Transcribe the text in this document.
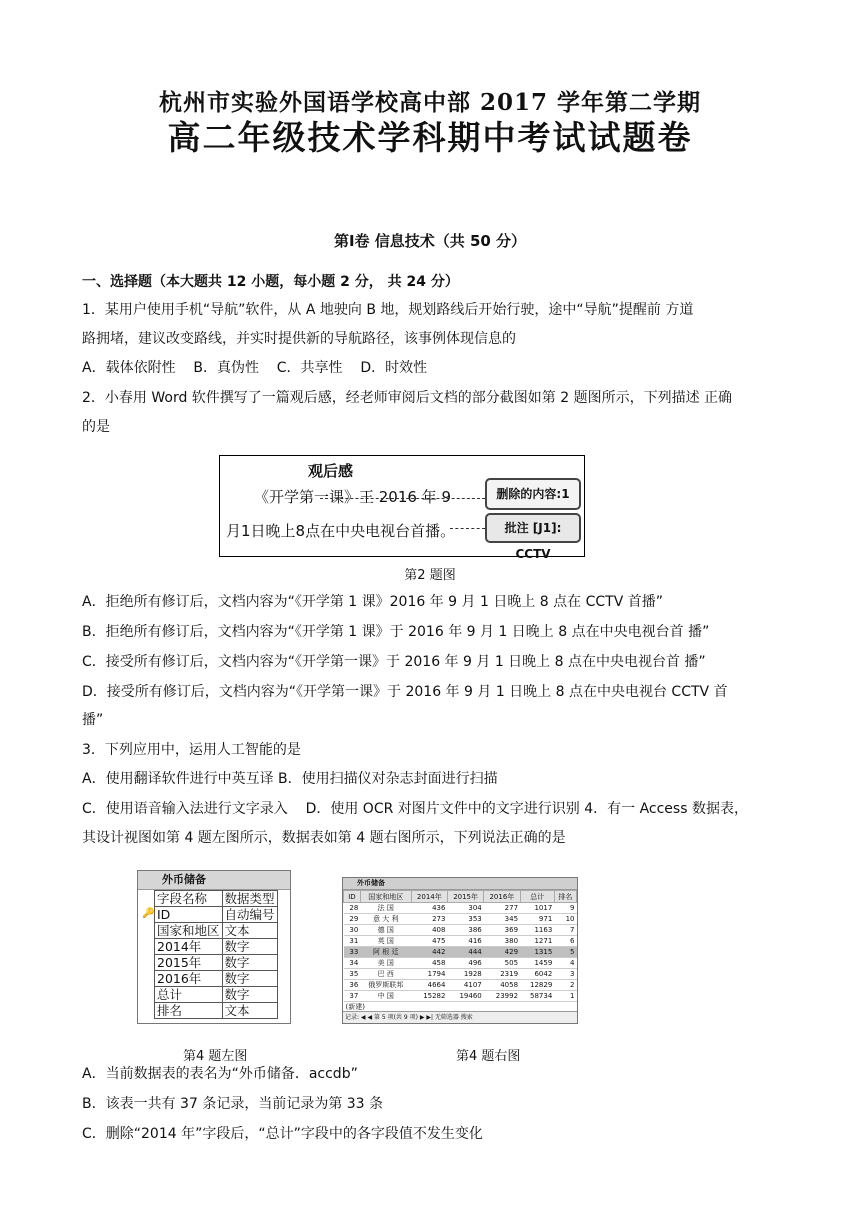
杭州市实验外国语学校高中部 2017 学年第二学期
高二年级技术学科期中考试试题卷
第Ⅰ卷 信息技术（共 50 分）
一、选择题（本大题共 12 小题，每小题 2 分， 共 24 分）
1．某用户使用手机“导航”软件，从 A 地驶向 B 地，规划路线后开始行驶，途中“导航”提醒前 方道
路拥堵，建议改变路线，并实时提供新的导航路径，该事例体现信息的
A．载体依附性    B．真伪性    C．共享性    D．时效性
2．小春用 Word 软件撰写了一篇观后感，经老师审阅后文档的部分截图如第 2 题图所示，下列描述 正确
的是
观后感
《开学第一课》王 2016 年 9
月1日晚上8点在中央电视台首播。
删除的内容:1
批注 [J1]: CCTV
第2 题图
A．拒绝所有修订后，文档内容为“《开学第 1 课》2016 年 9 月 1 日晚上 8 点在 CCTV 首播”
B．拒绝所有修订后，文档内容为“《开学第 1 课》于 2016 年 9 月 1 日晚上 8 点在中央电视台首 播”
C．接受所有修订后，文档内容为“《开学第一课》于 2016 年 9 月 1 日晚上 8 点在中央电视台首 播”
D．接受所有修订后，文档内容为“《开学第一课》于 2016 年 9 月 1 日晚上 8 点在中央电视台 CCTV 首
播”
3．下列应用中，运用人工智能的是
A．使用翻译软件进行中英互译 B．使用扫描仪对杂志封面进行扫描
C．使用语音输入法进行文字录入    D．使用 OCR 对图片文件中的文字进行识别 4．有一 Access 数据表，
其设计视图如第 4 题左图所示，数据表如第 4 题右图所示，下列说法正确的是
外币储备
🔑
字段名称	数据类型
ID	自动编号
国家和地区	文本
2014年	数字
2015年	数字
2016年	数字
总计	数字
排名	文本
外币储备
ID	国家和地区	2014年	2015年	2016年	总计	排名
28	法 国	436	304	277	1017	9
29	意 大 利	273	353	345	971	10
30	德 国	408	386	369	1163	7
31	英 国	475	416	380	1271	6
33	阿 根 廷	442	444	429	1315	5
34	美 国	458	496	505	1459	4
35	巴 西	1794	1928	2319	6042	3
36	俄罗斯联邦	4664	4107	4058	12829	2
37	中 国	15282	19460	23992	58734	1
(新建)						
记录: ◀ ◀ 第 5 项(共 9 项) ▶ ▶| 无筛选器 搜索
第4 题左图	第4 题右图
A．当前数据表的表名为“外币储备．accdb”
B．该表一共有 37 条记录，当前记录为第 33 条
C．删除“2014 年”字段后，“总计”字段中的各字段值不发生变化
